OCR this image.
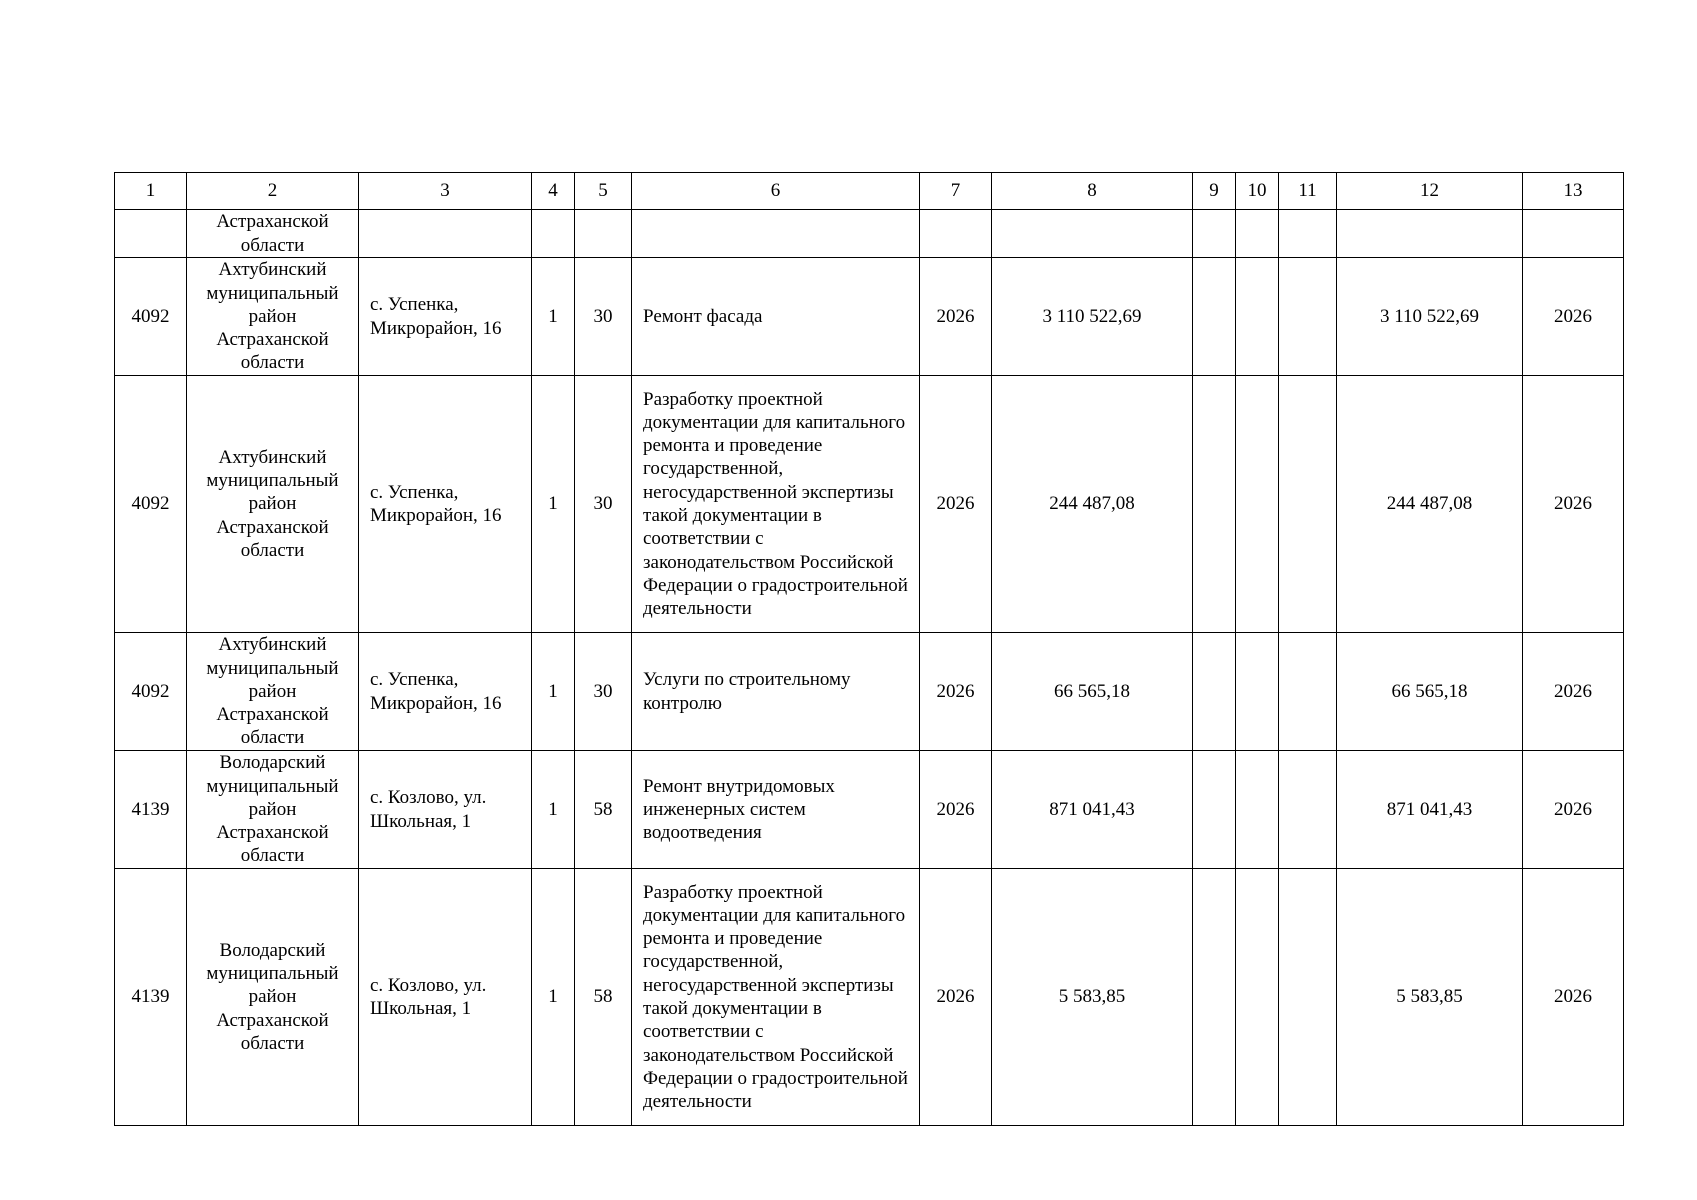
1	2	3	4	5	6	7	8	9	10	11	12	13
	Астраханской области											
4092	Ахтубинский муниципальный район Астраханской области	с. Успенка, Микрорайон, 16	1	30	Ремонт фасада	2026	3 110 522,69				3 110 522,69	2026
4092	Ахтубинский муниципальный район Астраханской области	с. Успенка, Микрорайон, 16	1	30	Разработку проектной документации для капитального ремонта и проведение государственной, негосударственной экспертизы такой документации в соответствии с законодательством Российской Федерации о градостроительной деятельности	2026	244 487,08				244 487,08	2026
4092	Ахтубинский муниципальный район Астраханской области	с. Успенка, Микрорайон, 16	1	30	Услуги по строительному контролю	2026	66 565,18				66 565,18	2026
4139	Володарский муниципальный район Астраханской области	с. Козлово, ул. Школьная, 1	1	58	Ремонт внутридомовых инженерных систем водоотведения	2026	871 041,43				871 041,43	2026
4139	Володарский муниципальный район Астраханской области	с. Козлово, ул. Школьная, 1	1	58	Разработку проектной документации для капитального ремонта и проведение государственной, негосударственной экспертизы такой документации в соответствии с законодательством Российской Федерации о градостроительной деятельности	2026	5 583,85				5 583,85	2026
